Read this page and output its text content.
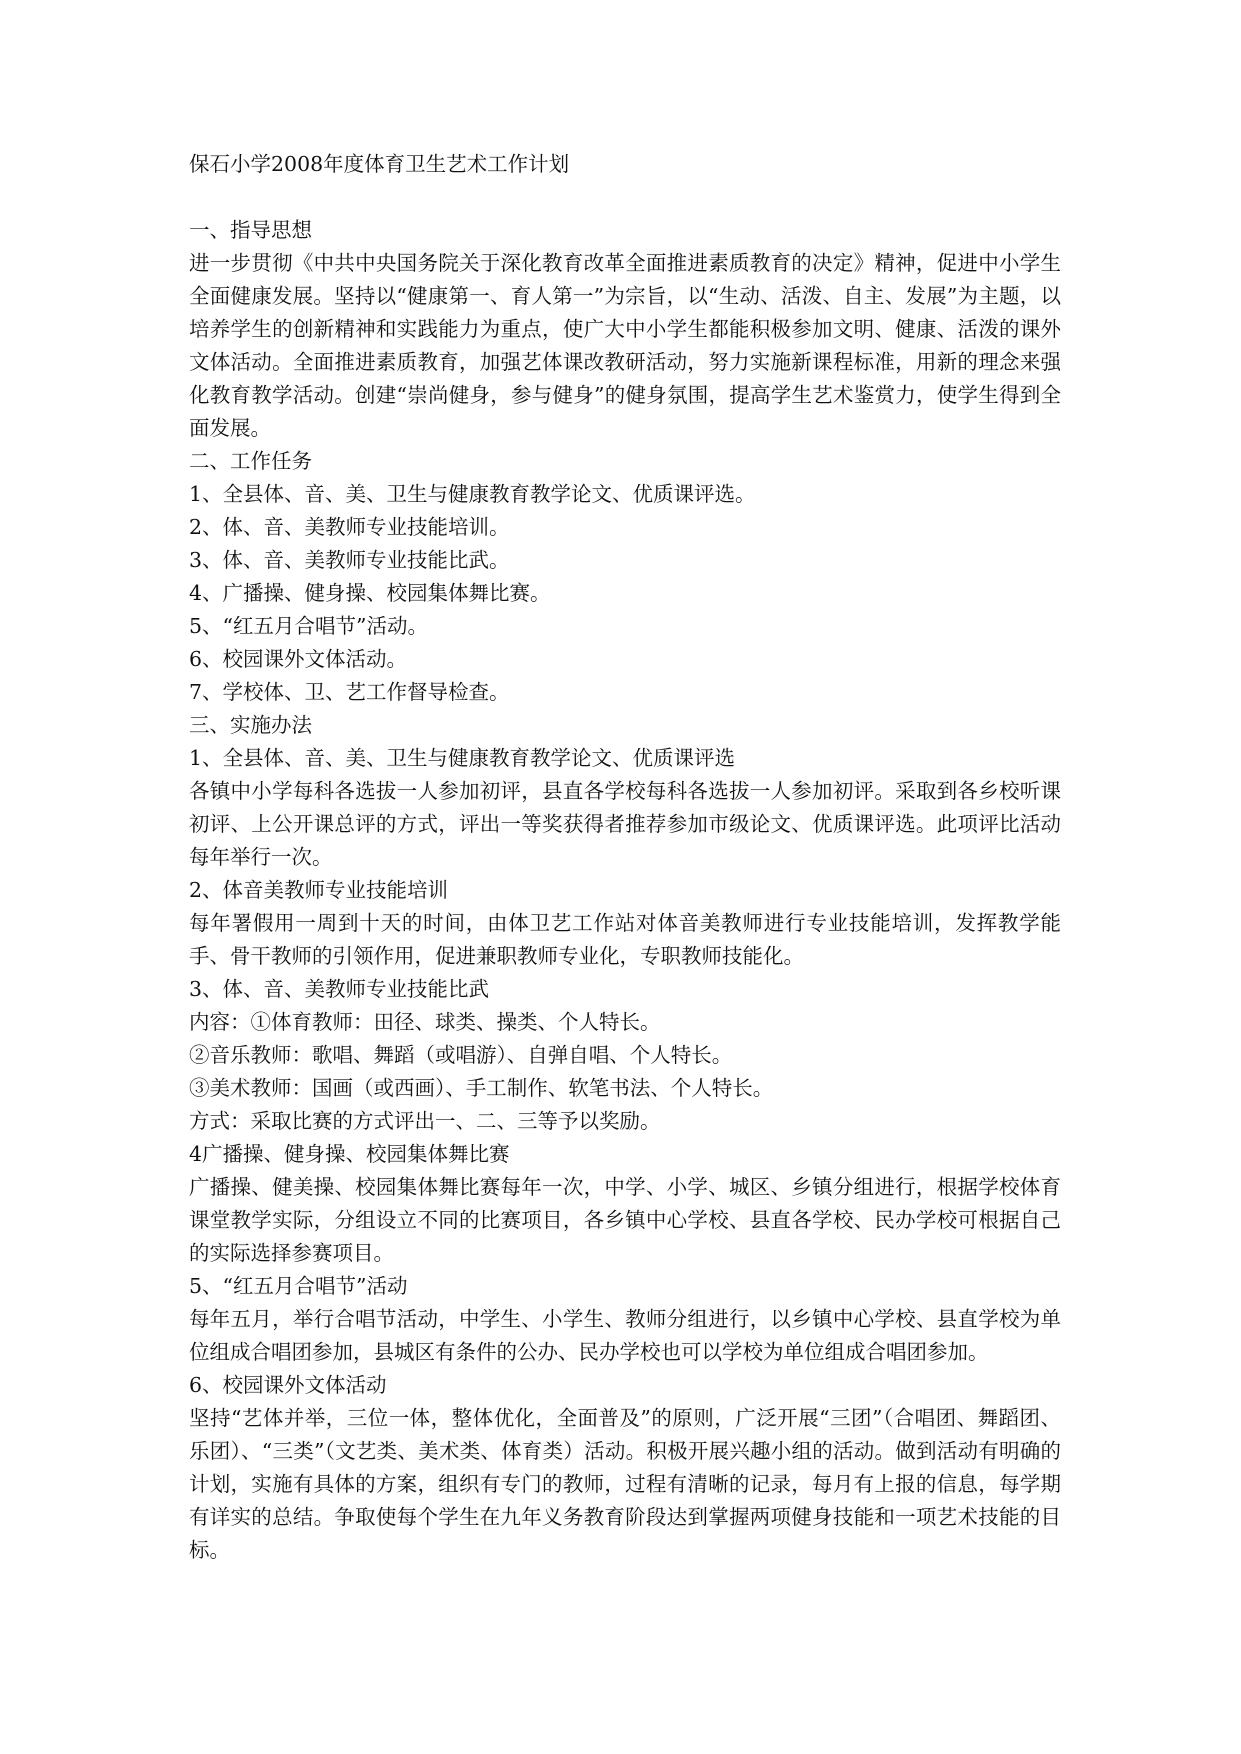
保石小学2008年度体育卫生艺术工作计划
一、指导思想
进一步贯彻《中共中央国务院关于深化教育改革全面推进素质教育的决定》精神，促进中小学生全面健康发展。坚持以“健康第一、育人第一”为宗旨，以“生动、活泼、自主、发展”为主题，以培养学生的创新精神和实践能力为重点，使广大中小学生都能积极参加文明、健康、活泼的课外文体活动。全面推进素质教育，加强艺体课改教研活动，努力实施新课程标准，用新的理念来强化教育教学活动。创建“崇尚健身，参与健身”的健身氛围，提高学生艺术鉴赏力，使学生得到全面发展。
二、工作任务
1、全县体、音、美、卫生与健康教育教学论文、优质课评选。
2、体、音、美教师专业技能培训。
3、体、音、美教师专业技能比武。
4、广播操、健身操、校园集体舞比赛。
5、“红五月合唱节”活动。
6、校园课外文体活动。
7、学校体、卫、艺工作督导检查。
三、实施办法
1、全县体、音、美、卫生与健康教育教学论文、优质课评选
各镇中小学每科各选拔一人参加初评，县直各学校每科各选拔一人参加初评。采取到各乡校听课初评、上公开课总评的方式，评出一等奖获得者推荐参加市级论文、优质课评选。此项评比活动每年举行一次。
2、体音美教师专业技能培训
每年署假用一周到十天的时间，由体卫艺工作站对体音美教师进行专业技能培训，发挥教学能手、骨干教师的引领作用，促进兼职教师专业化，专职教师技能化。
3、体、音、美教师专业技能比武
内容：①体育教师：田径、球类、操类、个人特长。
②音乐教师：歌唱、舞蹈（或唱游）、自弹自唱、个人特长。
③美术教师：国画（或西画）、手工制作、软笔书法、个人特长。
方式：采取比赛的方式评出一、二、三等予以奖励。
4广播操、健身操、校园集体舞比赛
广播操、健美操、校园集体舞比赛每年一次，中学、小学、城区、乡镇分组进行，根据学校体育课堂教学实际，分组设立不同的比赛项目，各乡镇中心学校、县直各学校、民办学校可根据自己的实际选择参赛项目。
5、“红五月合唱节”活动
每年五月，举行合唱节活动，中学生、小学生、教师分组进行，以乡镇中心学校、县直学校为单位组成合唱团参加，县城区有条件的公办、民办学校也可以学校为单位组成合唱团参加。
6、校园课外文体活动
坚持“艺体并举，三位一体，整体优化，全面普及”的原则，广泛开展“三团”（合唱团、舞蹈团、乐团）、“三类”（文艺类、美术类、体育类）活动。积极开展兴趣小组的活动。做到活动有明确的计划，实施有具体的方案，组织有专门的教师，过程有清晰的记录，每月有上报的信息，每学期有详实的总结。争取使每个学生在九年义务教育阶段达到掌握两项健身技能和一项艺术技能的目标。
